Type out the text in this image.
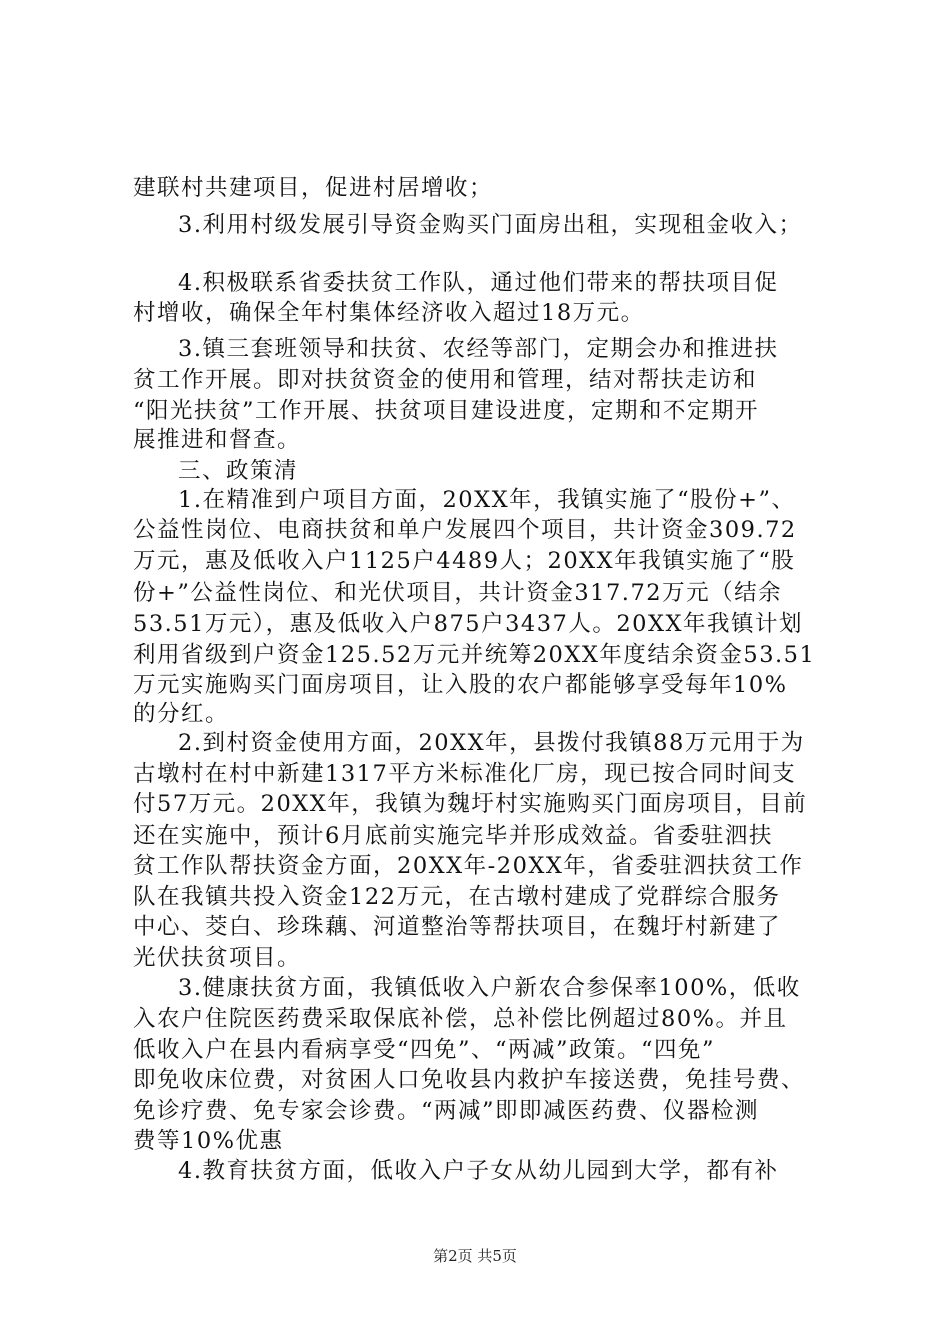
建联村共建项目，促进村居增收；
3.利用村级发展引导资金购买门面房出租，实现租金收入；
4.积极联系省委扶贫工作队，通过他们带来的帮扶项目促
村增收，确保全年村集体经济收入超过18万元。
3.镇三套班领导和扶贫、农经等部门，定期会办和推进扶
贫工作开展。即对扶贫资金的使用和管理，结对帮扶走访和
“阳光扶贫”工作开展、扶贫项目建设进度，定期和不定期开
展推进和督查。
三、政策清
1.在精准到户项目方面，20XX年，我镇实施了“股份+”、
公益性岗位、电商扶贫和单户发展四个项目，共计资金309.72
万元，惠及低收入户1125户4489人；20XX年我镇实施了“股
份+”公益性岗位、和光伏项目，共计资金317.72万元（结余
53.51万元），惠及低收入户875户3437人。20XX年我镇计划
利用省级到户资金125.52万元并统筹20XX年度结余资金53.51
万元实施购买门面房项目，让入股的农户都能够享受每年10%
的分红。
2.到村资金使用方面，20XX年，县拨付我镇88万元用于为
古墩村在村中新建1317平方米标准化厂房，现已按合同时间支
付57万元。20XX年，我镇为魏圩村实施购买门面房项目，目前
还在实施中，预计6月底前实施完毕并形成效益。省委驻泗扶
贫工作队帮扶资金方面，20XX年-20XX年，省委驻泗扶贫工作
队在我镇共投入资金122万元，在古墩村建成了党群综合服务
中心、茭白、珍珠藕、河道整治等帮扶项目，在魏圩村新建了
光伏扶贫项目。
3.健康扶贫方面，我镇低收入户新农合参保率100%，低收
入农户住院医药费采取保底补偿，总补偿比例超过80%。并且
低收入户在县内看病享受“四免”、“两减”政策。“四免”
即免收床位费，对贫困人口免收县内救护车接送费，免挂号费、
免诊疗费、免专家会诊费。“两减”即即减医药费、仪器检测
费等10%优惠
4.教育扶贫方面，低收入户子女从幼儿园到大学，都有补
第2页 共5页
